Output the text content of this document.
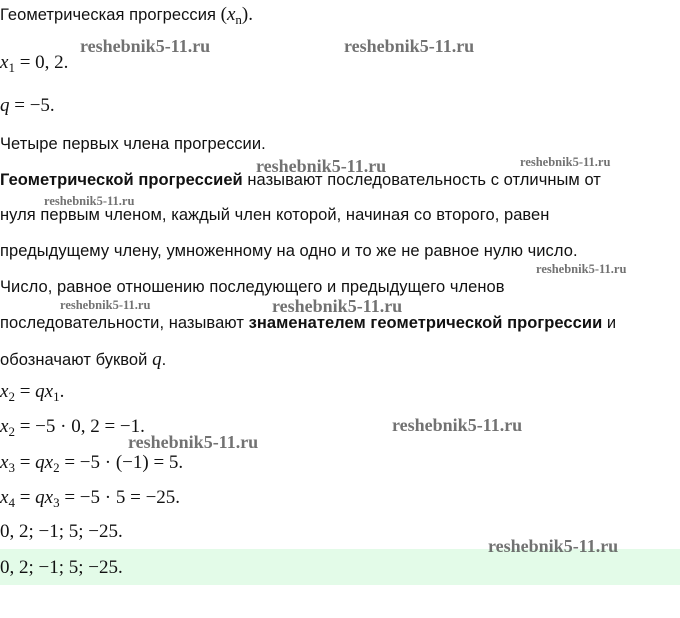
Геометрическая прогрессия $(x_n)$.
$x_1 = 0$, 2.
q = −5.
Четыре первых члена прогрессии.
Геометрической прогрессией называют последовательность с отличным от
нуля первым членом, каждый член которой, начиная со второго, равен
предыдущему члену, умноженному на одно и то же не равное нулю число.
Число, равное отношению последующего и предыдущего членов
последовательности, называют знаменателем геометрической прогрессии и
обозначают буквой q.
$x_2 = qx_1$.
$x_2 = -5 \cdot 0$, 2 = −1.
$x_3 = qx_2 = -5 \cdot (-1) = 5$.
$x_4 = qx_3 = -5 \cdot 5 = -25$.
0, 2; −1; 5; −25.
0, 2; −1; 5; −25.
reshebnik5-11.ru	reshebnik5-11.ru
reshebnik5-11.ru	reshebnik5-11.ru
reshebnik5-11.ru
reshebnik5-11.ru
reshebnik5-11.ru	reshebnik5-11.ru
reshebnik5-11.ru
reshebnik5-11.ru
reshebnik5-11.ru
